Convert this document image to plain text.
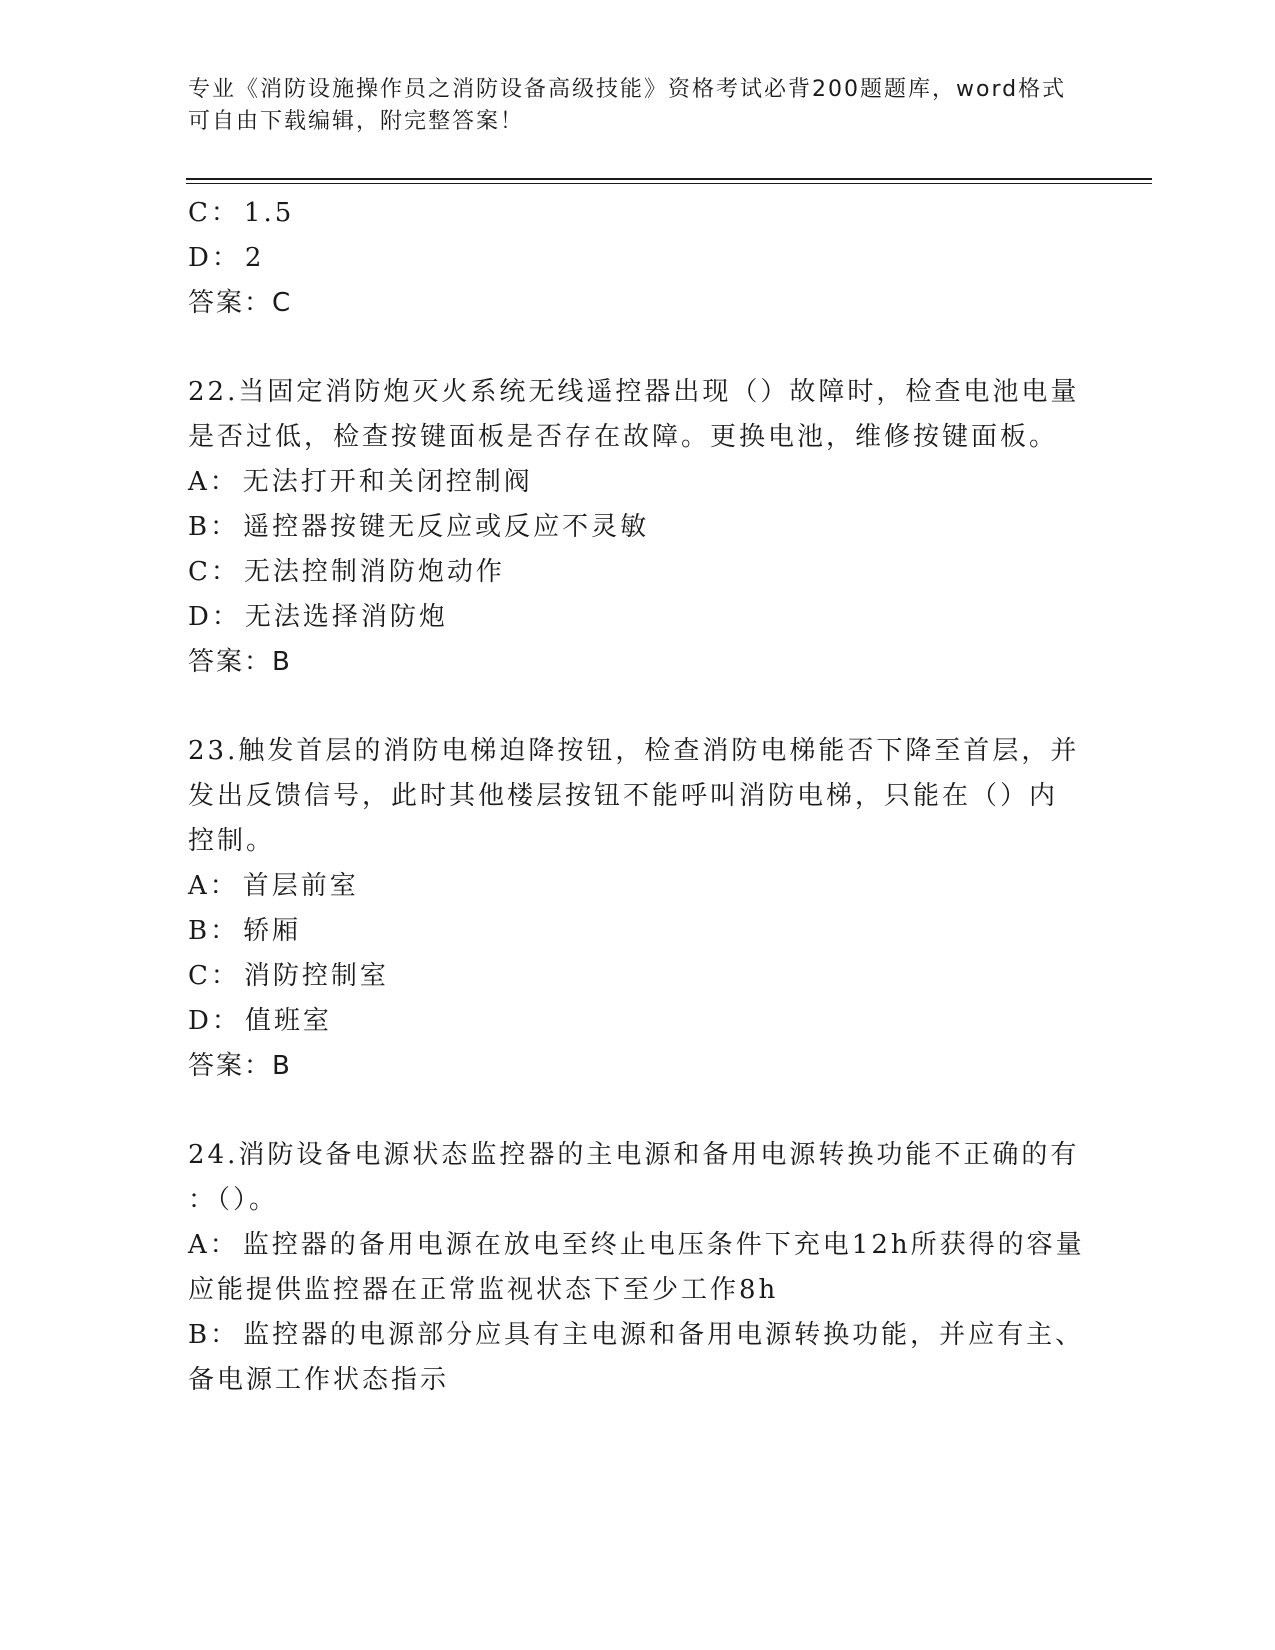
专业《消防设施操作员之消防设备高级技能》资格考试必背200题题库，word格式可自由下载编辑，附完整答案！
C： 1.5
D： 2
答案：C
22.当固定消防炮灭火系统无线遥控器出现（）故障时，检查电池电量
是否过低，检查按键面板是否存在故障。更换电池，维修按键面板。
A： 无法打开和关闭控制阀
B： 遥控器按键无反应或反应不灵敏
C： 无法控制消防炮动作
D： 无法选择消防炮
答案：B
23.触发首层的消防电梯迫降按钮，检查消防电梯能否下降至首层，并
发出反馈信号，此时其他楼层按钮不能呼叫消防电梯，只能在（）内
控制。
A： 首层前室
B： 轿厢
C： 消防控制室
D： 值班室
答案：B
24.消防设备电源状态监控器的主电源和备用电源转换功能不正确的有
：（）。
A： 监控器的备用电源在放电至终止电压条件下充电12h所获得的容量
应能提供监控器在正常监视状态下至少工作8h
B： 监控器的电源部分应具有主电源和备用电源转换功能，并应有主、
备电源工作状态指示
